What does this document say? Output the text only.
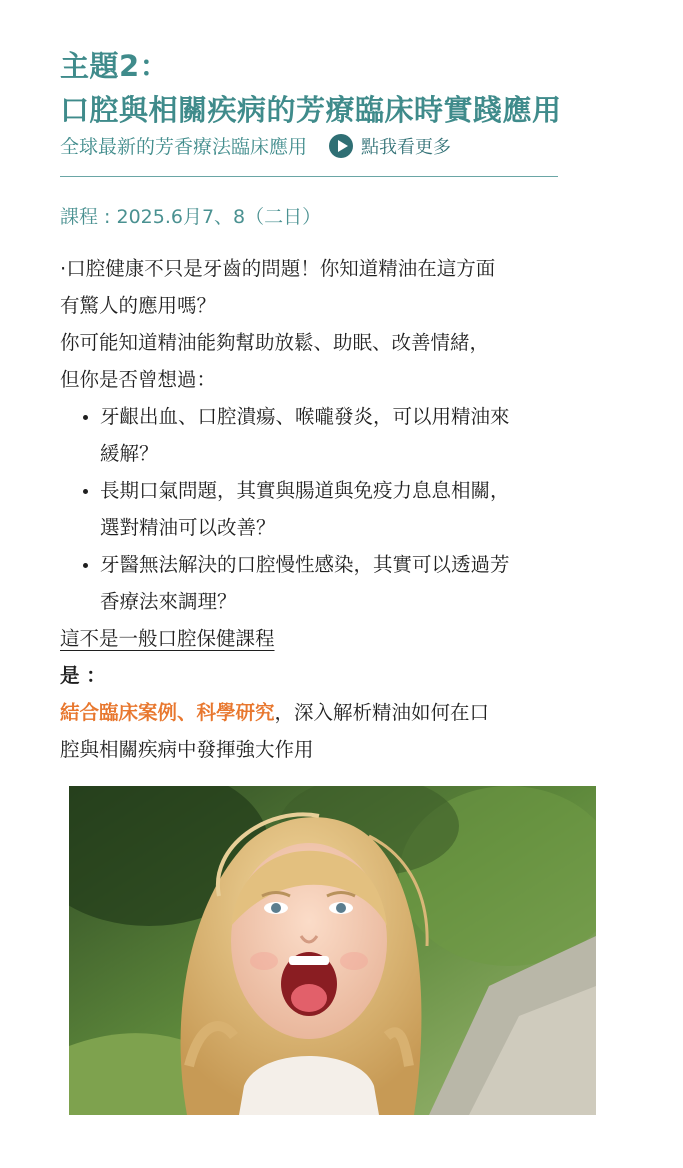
主題2：
口腔與相關疾病的芳療臨床時實踐應用
全球最新的芳香療法臨床應用	點我看更多
課程 : 2025.6月7、8（二日）

·口腔健康不只是牙齒的問題！你知道精油在這方面

有驚人的應用嗎？

你可能知道精油能夠幫助放鬆、助眠、改善情緒，

但你是否曾想過：

• 牙齦出血、口腔潰瘍、喉嚨發炎，可以用精油來
緩解？
• 長期口氣問題，其實與腸道與免疫力息息相關，
選對精油可以改善？
• 牙醫無法解決的口腔慢性感染，其實可以透過芳
香療法來調理？

這不是一般口腔保健課程

是 ：

結合臨床案例、科學研究，深入解析精油如何在口

腔與相關疾病中發揮強大作用
